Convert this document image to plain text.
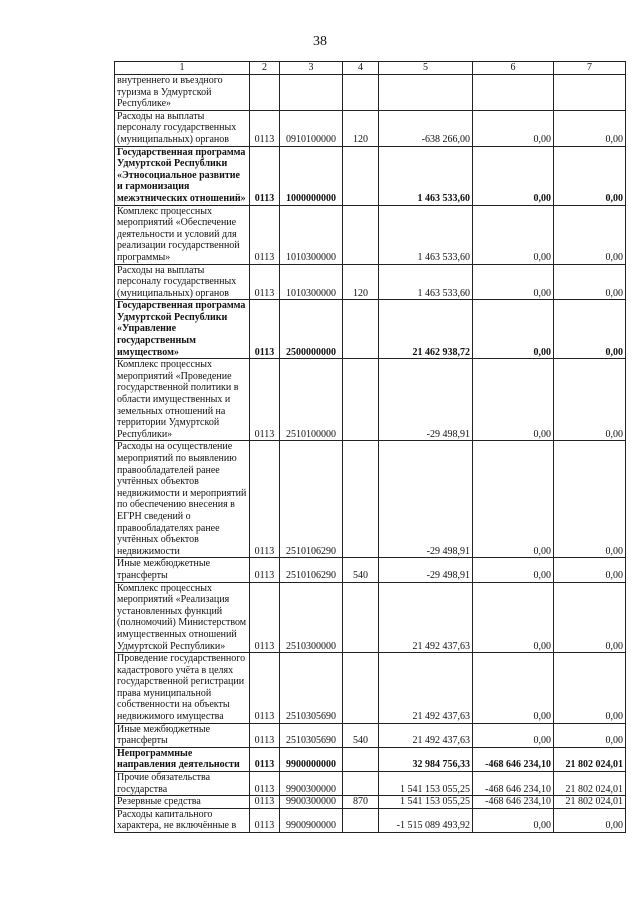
38
1	2	3	4	5	6	7
внутреннего и въездного туризма в Удмуртской Республике»						
Расходы на выплаты персоналу государственных (муниципальных) органов	0113	0910100000	120	-638 266,00	0,00	0,00
Государственная программа Удмуртской Республики «Этносоциальное развитие и гармонизация межэтнических отношений»	0113	1000000000		1 463 533,60	0,00	0,00
Комплекс процессных мероприятий «Обеспечение деятельности и условий для реализации государственной программы»	0113	1010300000		1 463 533,60	0,00	0,00
Расходы на выплаты персоналу государственных (муниципальных) органов	0113	1010300000	120	1 463 533,60	0,00	0,00
Государственная программа Удмуртской Республики «Управление государственным имуществом»	0113	2500000000		21 462 938,72	0,00	0,00
Комплекс процессных мероприятий «Проведение государственной политики в области имущественных и земельных отношений на территории Удмуртской Республики»	0113	2510100000		-29 498,91	0,00	0,00
Расходы на осуществление мероприятий по выявлению правообладателей ранее учтённых объектов недвижимости и мероприятий по обеспечению внесения в ЕГРН сведений о правообладателях ранее учтённых объектов недвижимости	0113	2510106290		-29 498,91	0,00	0,00
Иные межбюджетные трансферты	0113	2510106290	540	-29 498,91	0,00	0,00
Комплекс процессных мероприятий «Реализация установленных функций (полномочий) Министерством имущественных отношений Удмуртской Республики»	0113	2510300000		21 492 437,63	0,00	0,00
Проведение государственного кадастрового учёта в целях государственной регистрации права муниципальной собственности на объекты недвижимого имущества	0113	2510305690		21 492 437,63	0,00	0,00
Иные межбюджетные трансферты	0113	2510305690	540	21 492 437,63	0,00	0,00
Непрограммные направления деятельности	0113	9900000000		32 984 756,33	-468 646 234,10	21 802 024,01
Прочие обязательства государства	0113	9900300000		1 541 153 055,25	-468 646 234,10	21 802 024,01
Резервные средства	0113	9900300000	870	1 541 153 055,25	-468 646 234,10	21 802 024,01
Расходы капитального характера, не включённые в	0113	9900900000		-1 515 089 493,92	0,00	0,00
